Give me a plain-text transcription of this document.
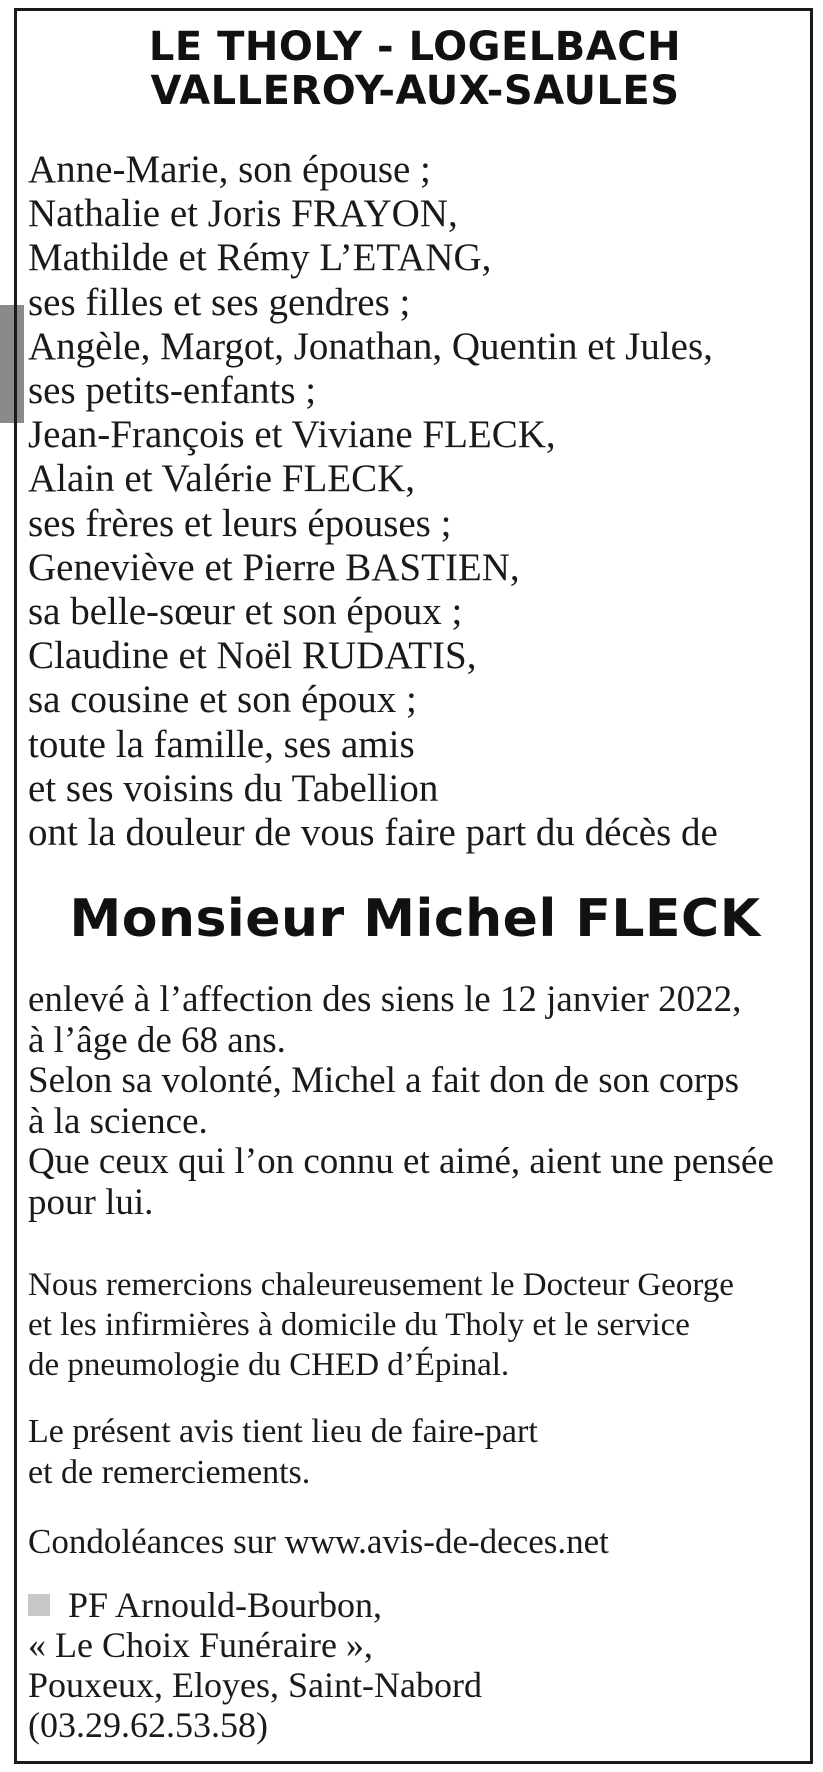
LE THOLY - LOGELBACH
VALLEROY-AUX-SAULES
Anne-Marie, son épouse ;
Nathalie et Joris FRAYON,
Mathilde et Rémy L’ETANG,
ses filles et ses gendres ;
Angèle, Margot, Jonathan, Quentin et Jules,
ses petits-enfants ;
Jean-François et Viviane FLECK,
Alain et Valérie FLECK,
ses frères et leurs épouses ;
Geneviève et Pierre BASTIEN,
sa belle-sœur et son époux ;
Claudine et Noël RUDATIS,
sa cousine et son époux ;
toute la famille, ses amis
et ses voisins du Tabellion
ont la douleur de vous faire part du décès de
Monsieur Michel FLECK
enlevé à l’affection des siens le 12 janvier 2022,
à l’âge de 68 ans.
Selon sa volonté, Michel a fait don de son corps
à la science.
Que ceux qui l’on connu et aimé, aient une pensée
pour lui.
Nous remercions chaleureusement le Docteur George
et les infirmières à domicile du Tholy et le service
de pneumologie du CHED d’Épinal.
Le présent avis tient lieu de faire-part
et de remerciements.
Condoléances sur www.avis-de-deces.net
PF Arnould-Bourbon,
« Le Choix Funéraire »,
Pouxeux, Eloyes, Saint-Nabord
(03.29.62.53.58)
